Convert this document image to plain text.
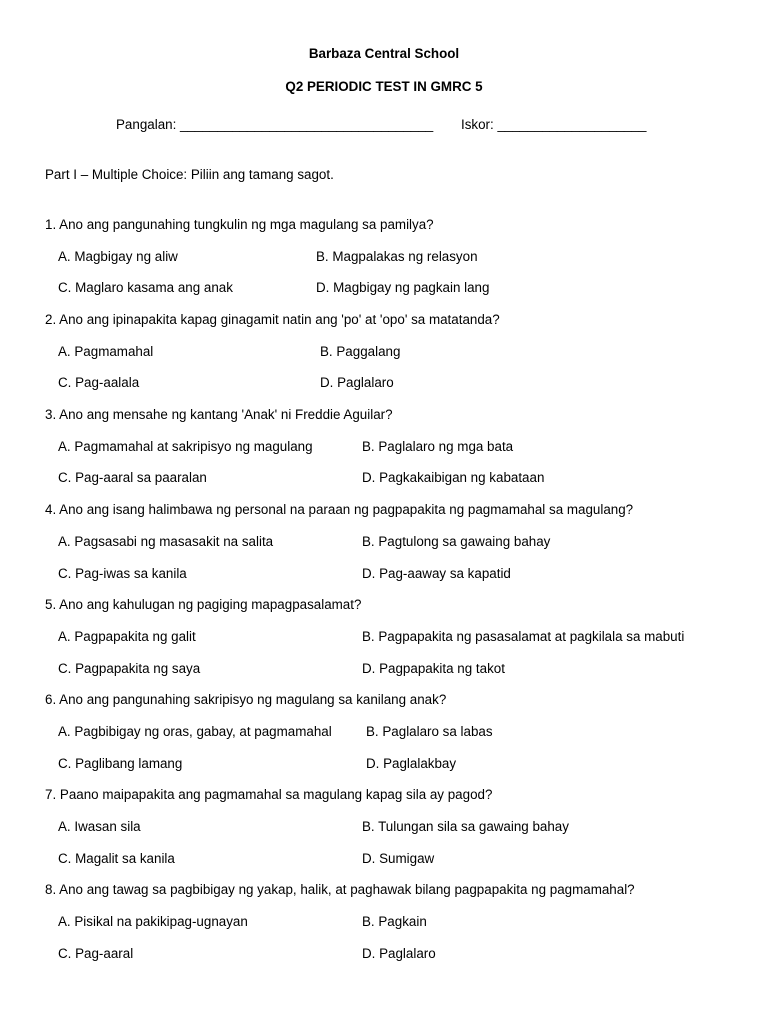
Barbaza Central School
Q2 PERIODIC TEST IN GMRC 5
Pangalan: __________________________________ Iskor: ____________________
Part I – Multiple Choice: Piliin ang tamang sagot.
1. Ano ang pangunahing tungkulin ng mga magulang sa pamilya?
A. Magbigay ng aliw	B. Magpalakas ng relasyon
C. Maglaro kasama ang anak	D. Magbigay ng pagkain lang
2. Ano ang ipinapakita kapag ginagamit natin ang 'po' at 'opo' sa matatanda?
A. Pagmamahal	B. Paggalang
C. Pag-aalala	D. Paglalaro
3. Ano ang mensahe ng kantang 'Anak' ni Freddie Aguilar?
A. Pagmamahal at sakripisyo ng magulang	B. Paglalaro ng mga bata
C. Pag-aaral sa paaralan	D. Pagkakaibigan ng kabataan
4. Ano ang isang halimbawa ng personal na paraan ng pagpapakita ng pagmamahal sa magulang?
A. Pagsasabi ng masasakit na salita	B. Pagtulong sa gawaing bahay
C. Pag-iwas sa kanila	D. Pag-aaway sa kapatid
5. Ano ang kahulugan ng pagiging mapagpasalamat?
A. Pagpapakita ng galit	B. Pagpapakita ng pasasalamat at pagkilala sa mabuti
C. Pagpapakita ng saya	D. Pagpapakita ng takot
6. Ano ang pangunahing sakripisyo ng magulang sa kanilang anak?
A. Pagbibigay ng oras, gabay, at pagmamahal	B. Paglalaro sa labas
C. Paglibang lamang	D. Paglalakbay
7. Paano maipapakita ang pagmamahal sa magulang kapag sila ay pagod?
A. Iwasan sila	B. Tulungan sila sa gawaing bahay
C. Magalit sa kanila	D. Sumigaw
8. Ano ang tawag sa pagbibigay ng yakap, halik, at paghawak bilang pagpapakita ng pagmamahal?
A. Pisikal na pakikipag-ugnayan	B. Pagkain
C. Pag-aaral	D. Paglalaro
